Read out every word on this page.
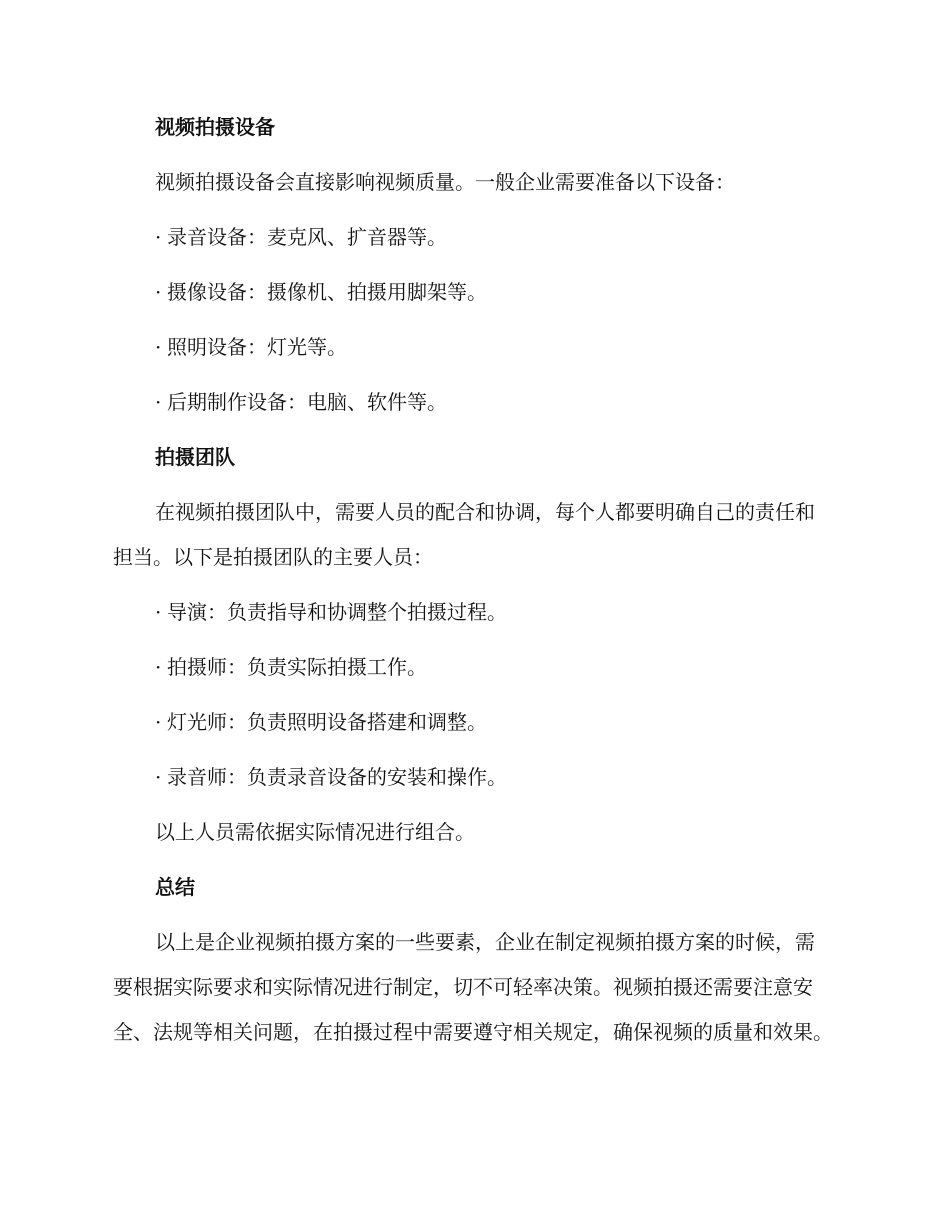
视频拍摄设备

视频拍摄设备会直接影响视频质量。一般企业需要准备以下设备：

· 录音设备：麦克风、扩音器等。
· 摄像设备：摄像机、拍摄用脚架等。
· 照明设备：灯光等。
· 后期制作设备：电脑、软件等。
拍摄团队

在视频拍摄团队中，需要人员的配合和协调，每个人都要明确自己的责任和担当。以下是拍摄团队的主要人员：

· 导演：负责指导和协调整个拍摄过程。
· 拍摄师：负责实际拍摄工作。
· 灯光师：负责照明设备搭建和调整。
· 录音师：负责录音设备的安装和操作。

以上人员需依据实际情况进行组合。

总结

以上是企业视频拍摄方案的一些要素，企业在制定视频拍摄方案的时候，需要根据实际要求和实际情况进行制定，切不可轻率决策。视频拍摄还需要注意安全、法规等相关问题，在拍摄过程中需要遵守相关规定，确保视频的质量和效果。
